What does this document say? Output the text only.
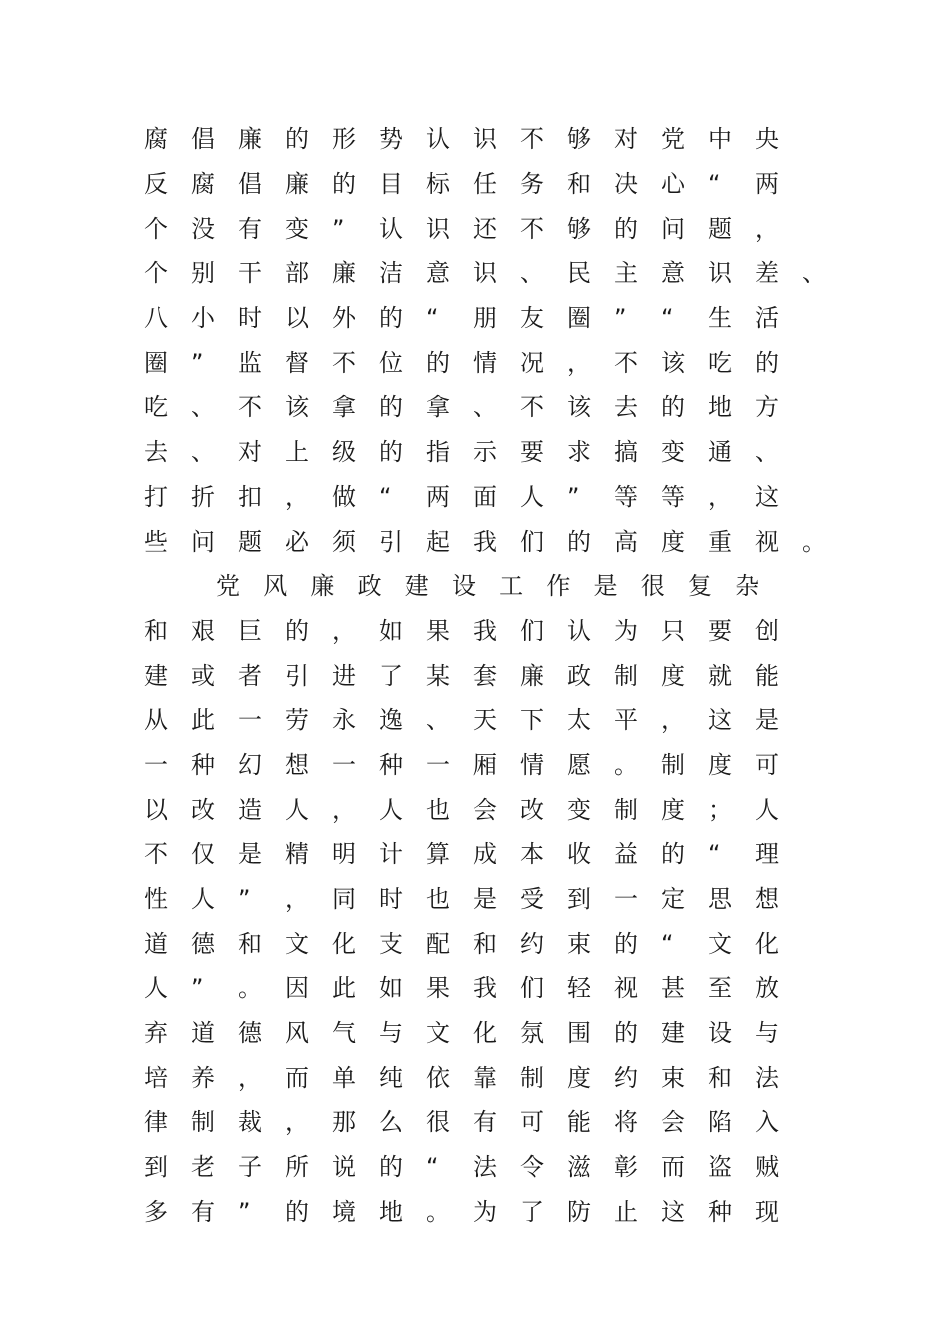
腐 倡 廉 的 形 势 认 识 不 够 对 党 中 央
反 腐 倡 廉 的 目 标 任 务 和 决 心 “	两
个 没 有 变 ”	认 识 还 不 够 的 问 题 ，
个 别 干 部 廉 洁 意 识 、 民 主 意 识 差 、
八 小 时 以 外 的 “	朋 友 圈 ”	“	生 活
圈 ”	监 督 不 位 的 情 况 ， 不 该 吃 的
吃 、 不 该 拿 的 拿 、 不 该 去 的 地 方
去 、 对 上 级 的 指 示 要 求 搞 变 通 、
打 折 扣 ， 做 “	两 面 人 ”	等 等 ， 这
些 问 题 必 须 引 起 我 们 的 高 度 重 视 。
党 风 廉 政 建 设 工 作 是 很 复 杂
和 艰 巨 的 ， 如 果 我 们 认 为 只 要 创
建 或 者 引 进 了 某 套 廉 政 制 度 就 能
从 此 一 劳 永 逸 、 天 下 太 平 ， 这 是
一 种 幻 想 一 种 一 厢 情 愿 。 制 度 可
以 改 造 人 ， 人 也 会 改 变 制 度 ； 人
不 仅 是 精 明 计 算 成 本 收 益 的 “	理
性 人 ”	， 同 时 也 是 受 到 一 定 思 想
道 德 和 文 化 支 配 和 约 束 的 “	文 化
人 ”	。 因 此 如 果 我 们 轻 视 甚 至 放
弃 道 德 风 气 与 文 化 氛 围 的 建 设 与
培 养 ， 而 单 纯 依 靠 制 度 约 束 和 法
律 制 裁 ， 那 么 很 有 可 能 将 会 陷 入
到 老 子 所 说 的 “	法 令 滋 彰 而 盗 贼
多 有 ”	的 境 地 。 为 了 防 止 这 种 现
